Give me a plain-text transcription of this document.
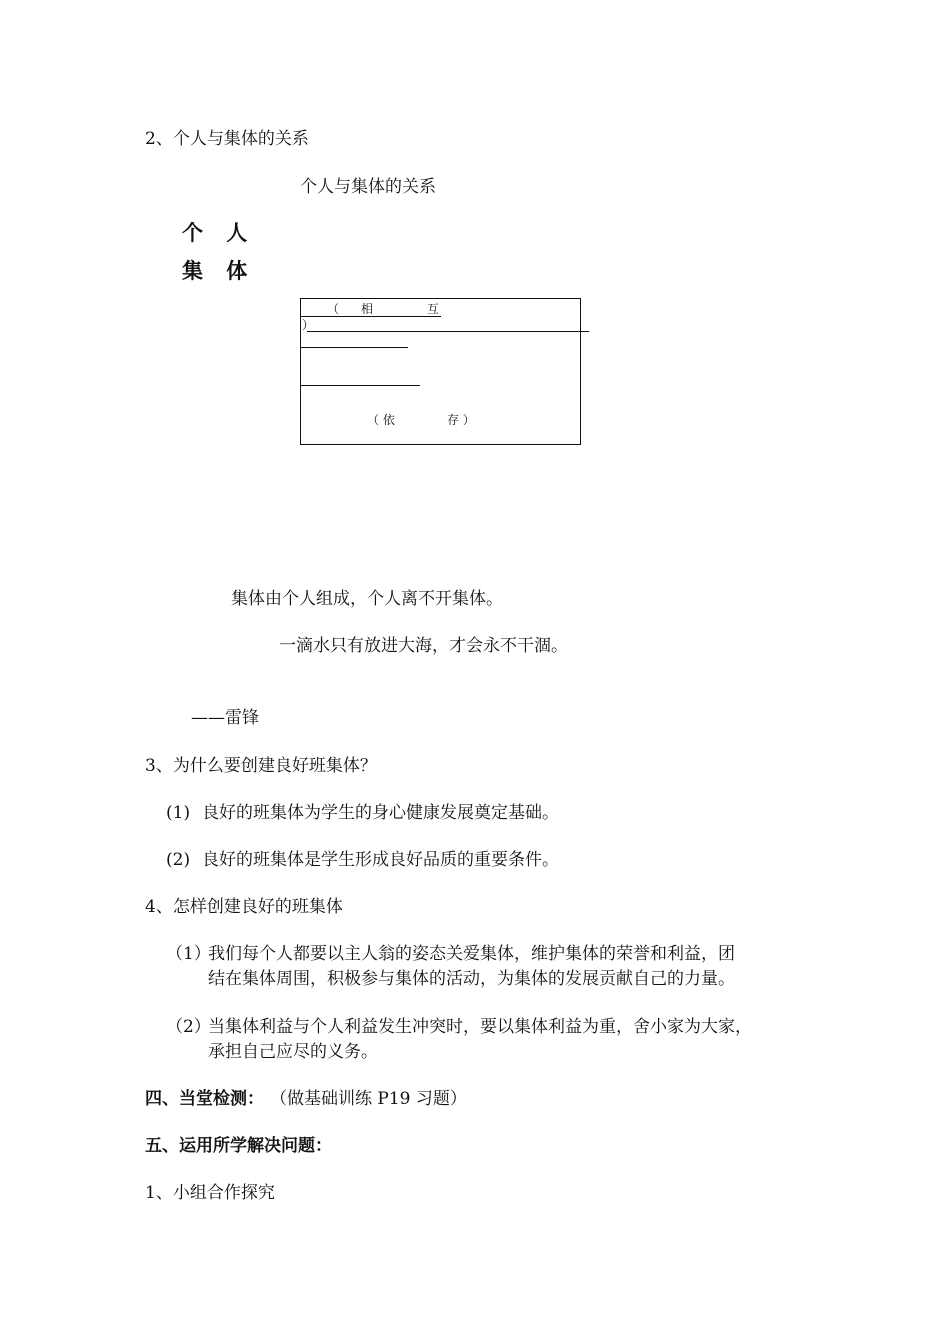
2、个人与集体的关系
个人与集体的关系
个 人
集 体
（ 相	互
）
（ 依	存 ）
集体由个人组成，个人离不开集体。
一滴水只有放进大海，才会永不干涸。
——雷锋
3、为什么要创建良好班集体？
(1) 良好的班集体为学生的身心健康发展奠定基础。
(2) 良好的班集体是学生形成良好品质的重要条件。
4、怎样创建良好的班集体
（1）
我们每个人都要以主人翁的姿态关爱集体，维护集体的荣誉和利益，团
结在集体周围，积极参与集体的活动，为集体的发展贡献自己的力量。
（2）
当集体利益与个人利益发生冲突时，要以集体利益为重，舍小家为大家，
承担自己应尽的义务。
四、当堂检测： （做基础训练 P19 习题）
五、运用所学解决问题：
1、小组合作探究
